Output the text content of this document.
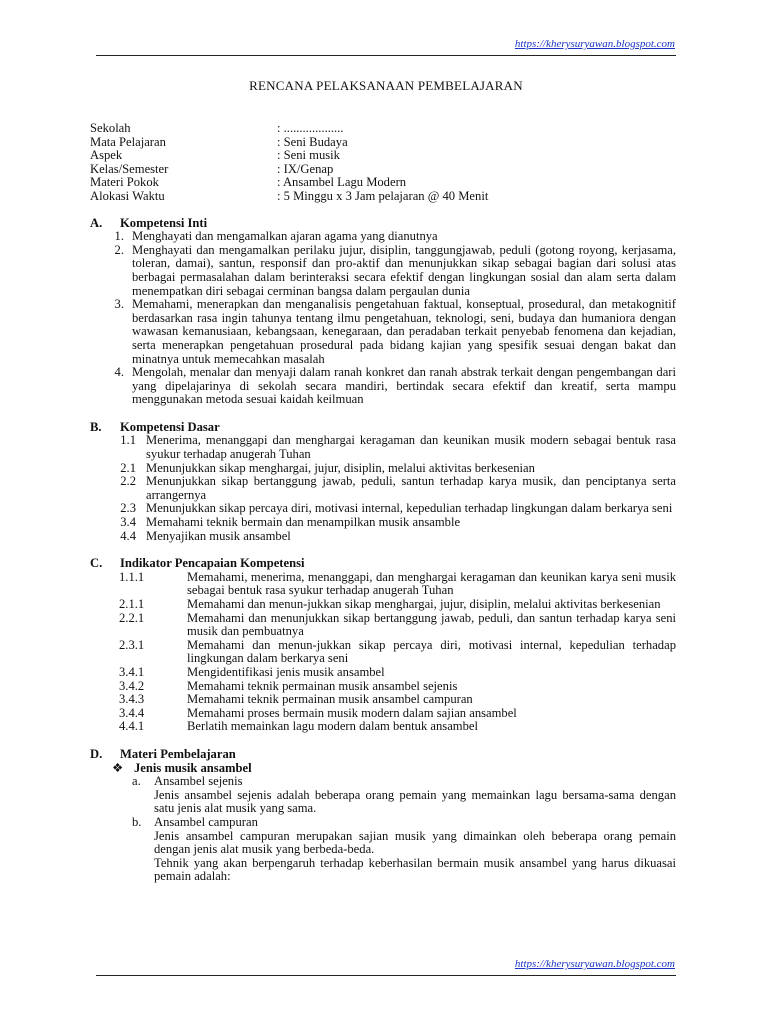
https://kherysuryawan.blogspot.com
RENCANA PELAKSANAAN PEMBELAJARAN
Sekolah	: ...................
Mata Pelajaran	: Seni Budaya
Aspek	: Seni musik
Kelas/Semester	: IX/Genap
Materi Pokok	: Ansambel Lagu Modern
Alokasi Waktu	: 5 Minggu x 3 Jam pelajaran @ 40 Menit
A.	Kompetensi Inti
1. Menghayati dan mengamalkan ajaran agama yang dianutnya
2. Menghayati dan mengamalkan perilaku jujur, disiplin, tanggungjawab, peduli (gotong royong, kerjasama, toleran, damai), santun, responsif dan pro-aktif dan menunjukkan sikap sebagai bagian dari solusi atas berbagai permasalahan dalam berinteraksi secara efektif dengan lingkungan sosial dan alam serta dalam menempatkan diri sebagai cerminan bangsa dalam pergaulan dunia
3. Memahami, menerapkan dan menganalisis pengetahuan faktual, konseptual, prosedural, dan metakognitif berdasarkan rasa ingin tahunya tentang ilmu pengetahuan, teknologi, seni, budaya dan humaniora dengan wawasan kemanusiaan, kebangsaan, kenegaraan, dan peradaban terkait penyebab fenomena dan kejadian, serta menerapkan pengetahuan prosedural pada bidang kajian yang spesifik sesuai dengan bakat dan minatnya untuk memecahkan masalah
4. Mengolah, menalar dan menyaji dalam ranah konkret dan ranah abstrak terkait dengan pengembangan dari yang dipelajarinya di sekolah secara mandiri, bertindak secara efektif dan kreatif, serta mampu menggunakan metoda sesuai kaidah keilmuan
B.	Kompetensi Dasar
1.1 Menerima, menanggapi dan menghargai keragaman dan keunikan musik modern sebagai bentuk rasa syukur terhadap anugerah Tuhan
2.1 Menunjukkan sikap menghargai, jujur, disiplin, melalui aktivitas berkesenian
2.2 Menunjukkan sikap bertanggung jawab, peduli, santun terhadap karya musik, dan penciptanya serta arrangernya
2.3 Menunjukkan sikap percaya diri, motivasi internal, kepedulian terhadap lingkungan dalam berkarya seni
3.4 Memahami teknik bermain dan menampilkan musik ansamble
4.4 Menyajikan musik ansambel
C.	Indikator Pencapaian Kompetensi
1.1.1	Memahami, menerima, menanggapi, dan menghargai keragaman dan keunikan karya seni musik sebagai bentuk rasa syukur terhadap anugerah Tuhan
2.1.1	Memahami dan menun-jukkan sikap menghargai, jujur, disiplin, melalui aktivitas berkesenian
2.2.1	Memahami dan menunjukkan sikap bertanggung jawab, peduli, dan santun terhadap karya seni musik dan pembuatnya
2.3.1	Memahami dan menun-jukkan sikap percaya diri, motivasi internal, kepedulian terhadap lingkungan dalam berkarya seni
3.4.1	Mengidentifikasi jenis musik ansambel
3.4.2	Memahami teknik permainan musik ansambel sejenis
3.4.3	Memahami teknik permainan musik ansambel campuran
3.4.4	Memahami proses bermain musik modern dalam sajian ansambel
4.4.1	Berlatih memainkan lagu modern dalam bentuk ansambel
D.	Materi Pembelajaran
❖ Jenis musik ansambel
a.	Ansambel sejenis
Jenis ansambel sejenis adalah beberapa orang pemain yang memainkan lagu bersama-sama dengan satu jenis alat musik yang sama.
b. Ansambel campuran
Jenis ansambel campuran merupakan sajian musik yang dimainkan oleh beberapa orang pemain dengan jenis alat musik yang berbeda-beda.
Tehnik yang akan berpengaruh terhadap keberhasilan bermain musik ansambel yang harus dikuasai pemain adalah:
https://kherysuryawan.blogspot.com
